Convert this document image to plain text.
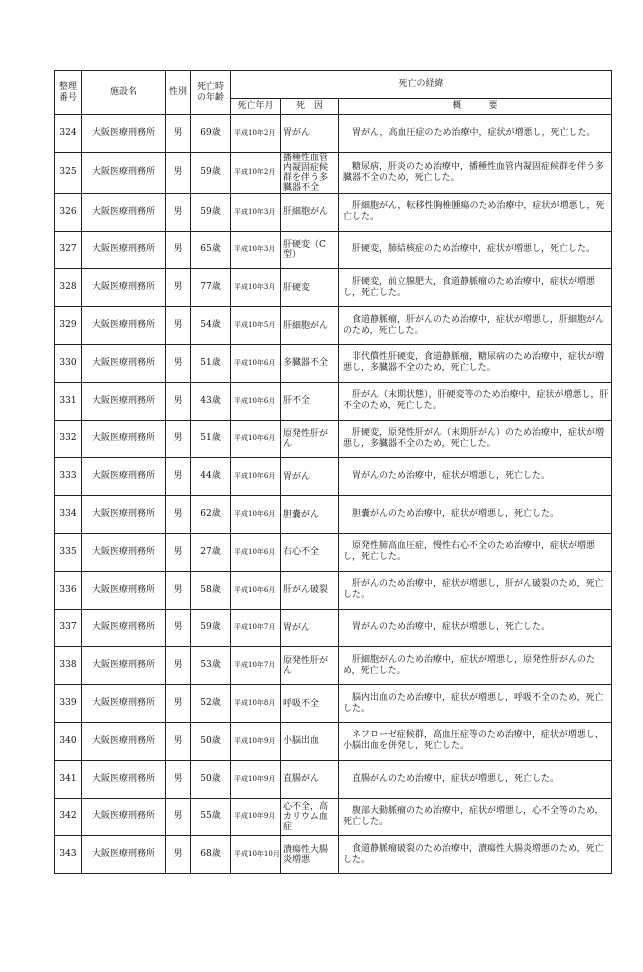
整理
番号	施設名	性別	死亡時
の年齢	死亡の経緯		
				死亡年月	死　因	概　　　要
324	大阪医療刑務所	男	69歳	平成10年2月	胃がん	　胃がん，高血圧症のため治療中，症状が増悪し，死亡した。
325	大阪医療刑務所	男	59歳	平成10年2月	播種性血管内凝固症候群を伴う多臓器不全	　糖尿病，肝炎のため治療中，播種性血管内凝固症候群を伴う多臓器不全のため，死亡した。
326	大阪医療刑務所	男	59歳	平成10年3月	肝細胞がん	　肝細胞がん，転移性胸椎腫瘍のため治療中，症状が増悪し，死亡した。
327	大阪医療刑務所	男	65歳	平成10年3月	肝硬変（C型）	　肝硬変，肺結核症のため治療中，症状が増悪し，死亡した。
328	大阪医療刑務所	男	77歳	平成10年3月	肝硬変	　肝硬変，前立腺肥大，食道静脈瘤のため治療中，症状が増悪し，死亡した。
329	大阪医療刑務所	男	54歳	平成10年5月	肝細胞がん	　食道静脈瘤，肝がんのため治療中，症状が増悪し，肝細胞がんのため，死亡した。
330	大阪医療刑務所	男	51歳	平成10年6月	多臓器不全	　非代償性肝硬変，食道静脈瘤，糖尿病のため治療中，症状が増悪し，多臓器不全のため，死亡した。
331	大阪医療刑務所	男	43歳	平成10年6月	肝不全	　肝がん（末期状態），肝硬変等のため治療中，症状が増悪し，肝不全のため，死亡した。
332	大阪医療刑務所	男	51歳	平成10年6月	原発性肝がん	　肝硬変，原発性肝がん（末期肝がん）のため治療中，症状が増悪し，多臓器不全のため，死亡した。
333	大阪医療刑務所	男	44歳	平成10年6月	胃がん	　胃がんのため治療中，症状が増悪し，死亡した。
334	大阪医療刑務所	男	62歳	平成10年6月	胆嚢がん	　胆嚢がんのため治療中，症状が増悪し，死亡した。
335	大阪医療刑務所	男	27歳	平成10年6月	右心不全	　原発性肺高血圧症，慢性右心不全のため治療中，症状が増悪し，死亡した。
336	大阪医療刑務所	男	58歳	平成10年6月	肝がん破裂	　肝がんのため治療中，症状が増悪し，肝がん破裂のため，死亡した。
337	大阪医療刑務所	男	59歳	平成10年7月	胃がん	　胃がんのため治療中，症状が増悪し，死亡した。
338	大阪医療刑務所	男	53歳	平成10年7月	原発性肝がん	　肝細胞がんのため治療中，症状が増悪し，原発性肝がんのため，死亡した。
339	大阪医療刑務所	男	52歳	平成10年8月	呼吸不全	　脳内出血のため治療中，症状が増悪し，呼吸不全のため，死亡した。
340	大阪医療刑務所	男	50歳	平成10年9月	小脳出血	　ネフローゼ症候群，高血圧症等のため治療中，症状が増悪し，小脳出血を併発し，死亡した。
341	大阪医療刑務所	男	50歳	平成10年9月	直腸がん	　直腸がんのため治療中，症状が増悪し，死亡した。
342	大阪医療刑務所	男	55歳	平成10年9月	心不全，高カリウム血症	　腹部大動脈瘤のため治療中，症状が増悪し，心不全等のため，死亡した。
343	大阪医療刑務所	男	68歳	平成10年10月	潰瘍性大腸炎増悪	　食道静脈瘤破裂のため治療中，潰瘍性大腸炎増悪のため，死亡した。
